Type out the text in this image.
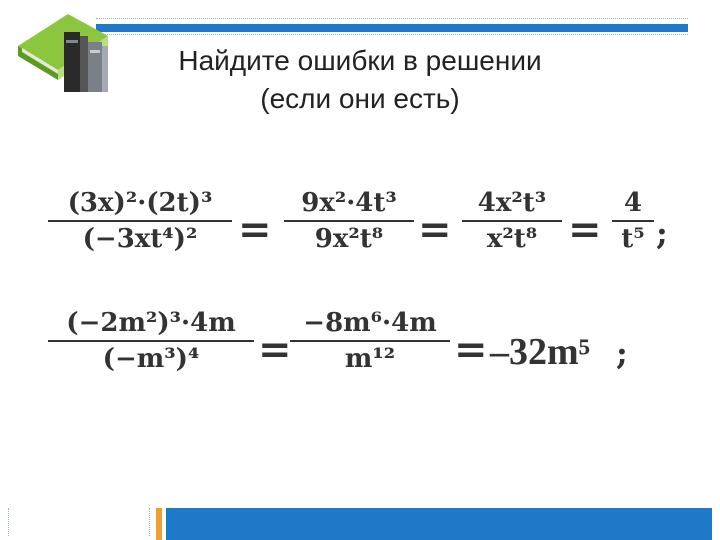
Найдите ошибки в решении
(если они есть)
(3x)²·(2t)³
(−3xt⁴)²	=
9x²·4t³
9x²t⁸ =
4x²t³
x²t⁸ =
4
t⁵ ;
(−2m²)³·4m
(−m³)⁴	=
−8m⁶·4m
m¹²	= –32m⁵ ;
